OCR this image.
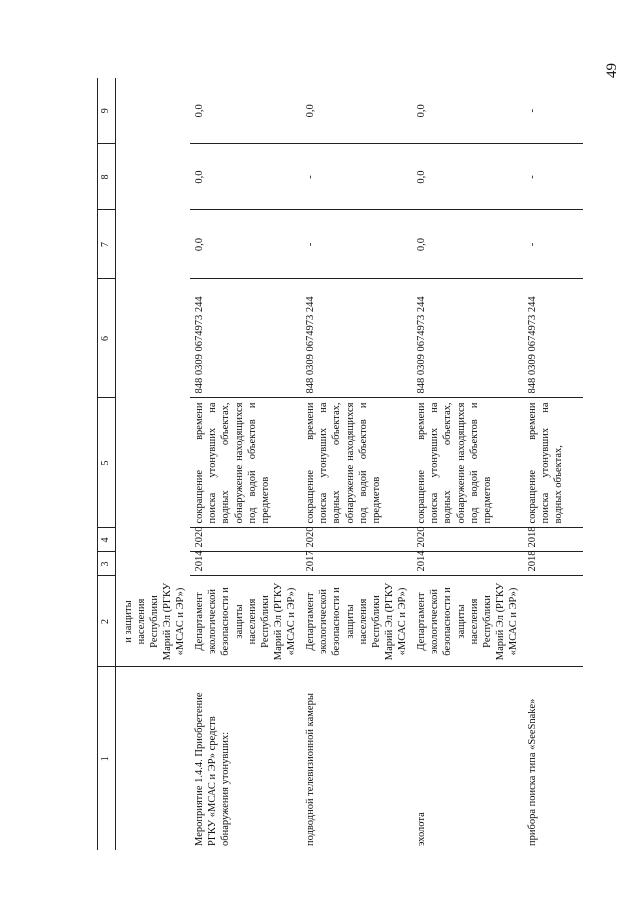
49
1	2	3	4	5	6	7	8	9
	и защиты населения Республики Марий Эл (РГКУ «МСАС и ЭР»)							
Мероприятие 1.4.4. Приобретение РГКУ «МСАС и ЭР» средств обнаружения утонувших:	Департамент экологической безопасности и защиты населения Республики Марий Эл (РГКУ «МСАС и ЭР»)	2014	2020	сокращение времени поиска утонувших на водных объектах, обнаружение находящихся под водой объектов и предметов	848 0309 0674973 244	0,0	0,0	0,0
подводной телевизионной камеры	Департамент экологической безопасности и защиты населения Республики Марий Эл (РГКУ «МСАС и ЭР»)	2017	2020	сокращение времени поиска утонувших на водных объектах, обнаружение находящихся под водой объектов и предметов	848 0309 0674973 244	-	-	0,0
эхолота	Департамент экологической безопасности и защиты населения Республики Марий Эл (РГКУ «МСАС и ЭР»)	2014	2020	сокращение времени поиска утонувших на водных объектах, обнаружение находящихся под водой объектов и предметов	848 0309 0674973 244	0,0	0,0	0,0
прибора поиска типа «SeeSnake»		2018	2018	сокращение времени поиска утонувших на водных объектах,	848 0309 0674973 244	-	-	-
